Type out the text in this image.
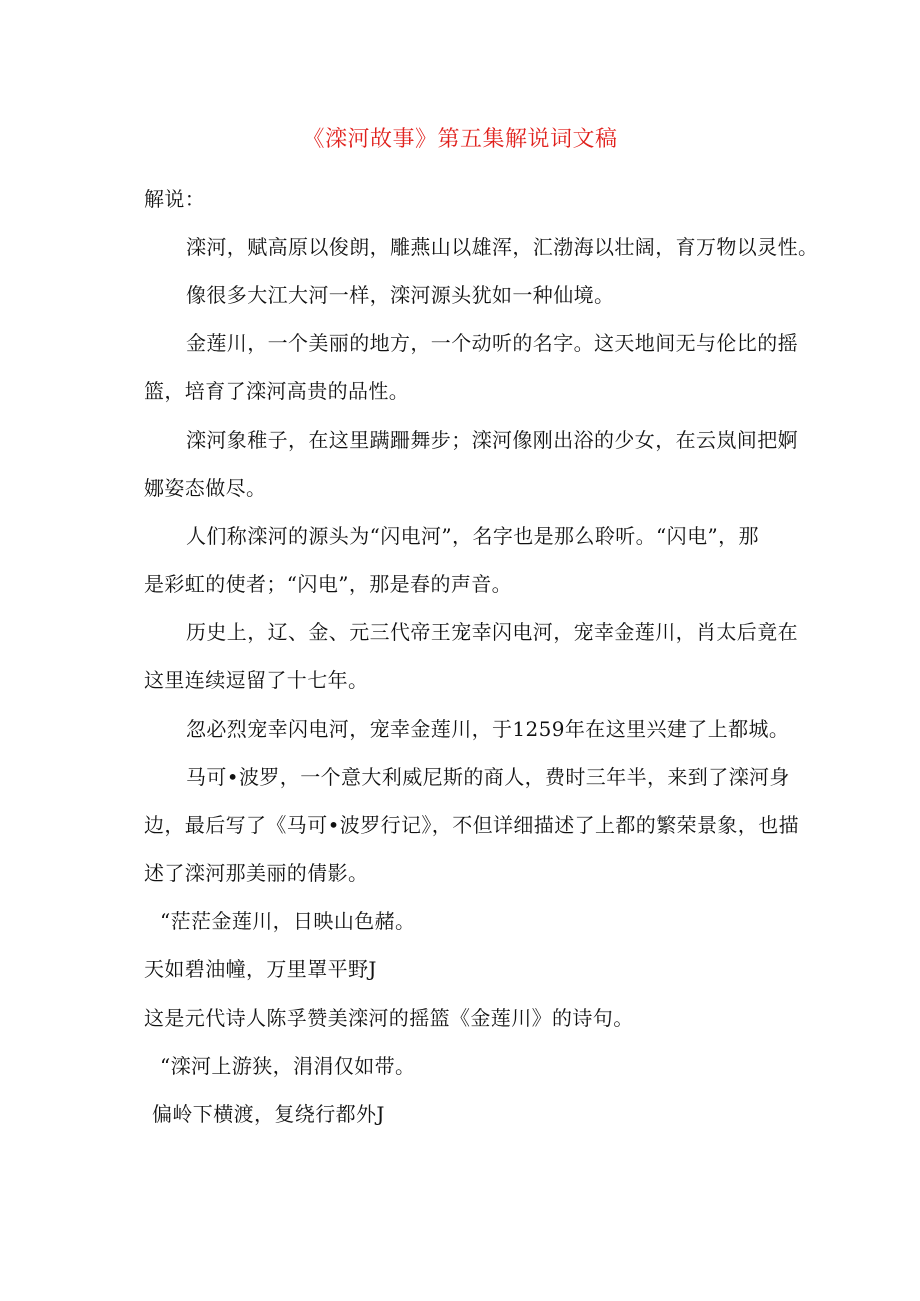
《滦河故事》第五集解说词文稿
解说：
滦河，赋高原以俊朗，雕燕山以雄浑，汇渤海以壮阔，育万物以灵性。
像很多大江大河一样，滦河源头犹如一种仙境。
金莲川，一个美丽的地方，一个动听的名字。这天地间无与伦比的摇
篮，培育了滦河高贵的品性。
滦河象稚子，在这里蹒跚舞步；滦河像刚出浴的少女，在云岚间把婀
娜姿态做尽。
人们称滦河的源头为“闪电河”，名字也是那么聆听。“闪电”，那
是彩虹的使者；“闪电”，那是春的声音。
历史上，辽、金、元三代帝王宠幸闪电河，宠幸金莲川，肖太后竟在
这里连续逗留了十七年。
忽必烈宠幸闪电河，宠幸金莲川，于1259年在这里兴建了上都城。
马可•波罗，一个意大利威尼斯的商人，费时三年半，来到了滦河身
边，最后写了《马可•波罗行记》，不但详细描述了上都的繁荣景象，也描
述了滦河那美丽的倩影。
“茫茫金莲川，日映山色赭。
天如碧油幢，万里罩平野J
这是元代诗人陈孚赞美滦河的摇篮《金莲川》的诗句。
“滦河上游狭，涓涓仅如带。
偏岭下横渡，复绕行都外J
